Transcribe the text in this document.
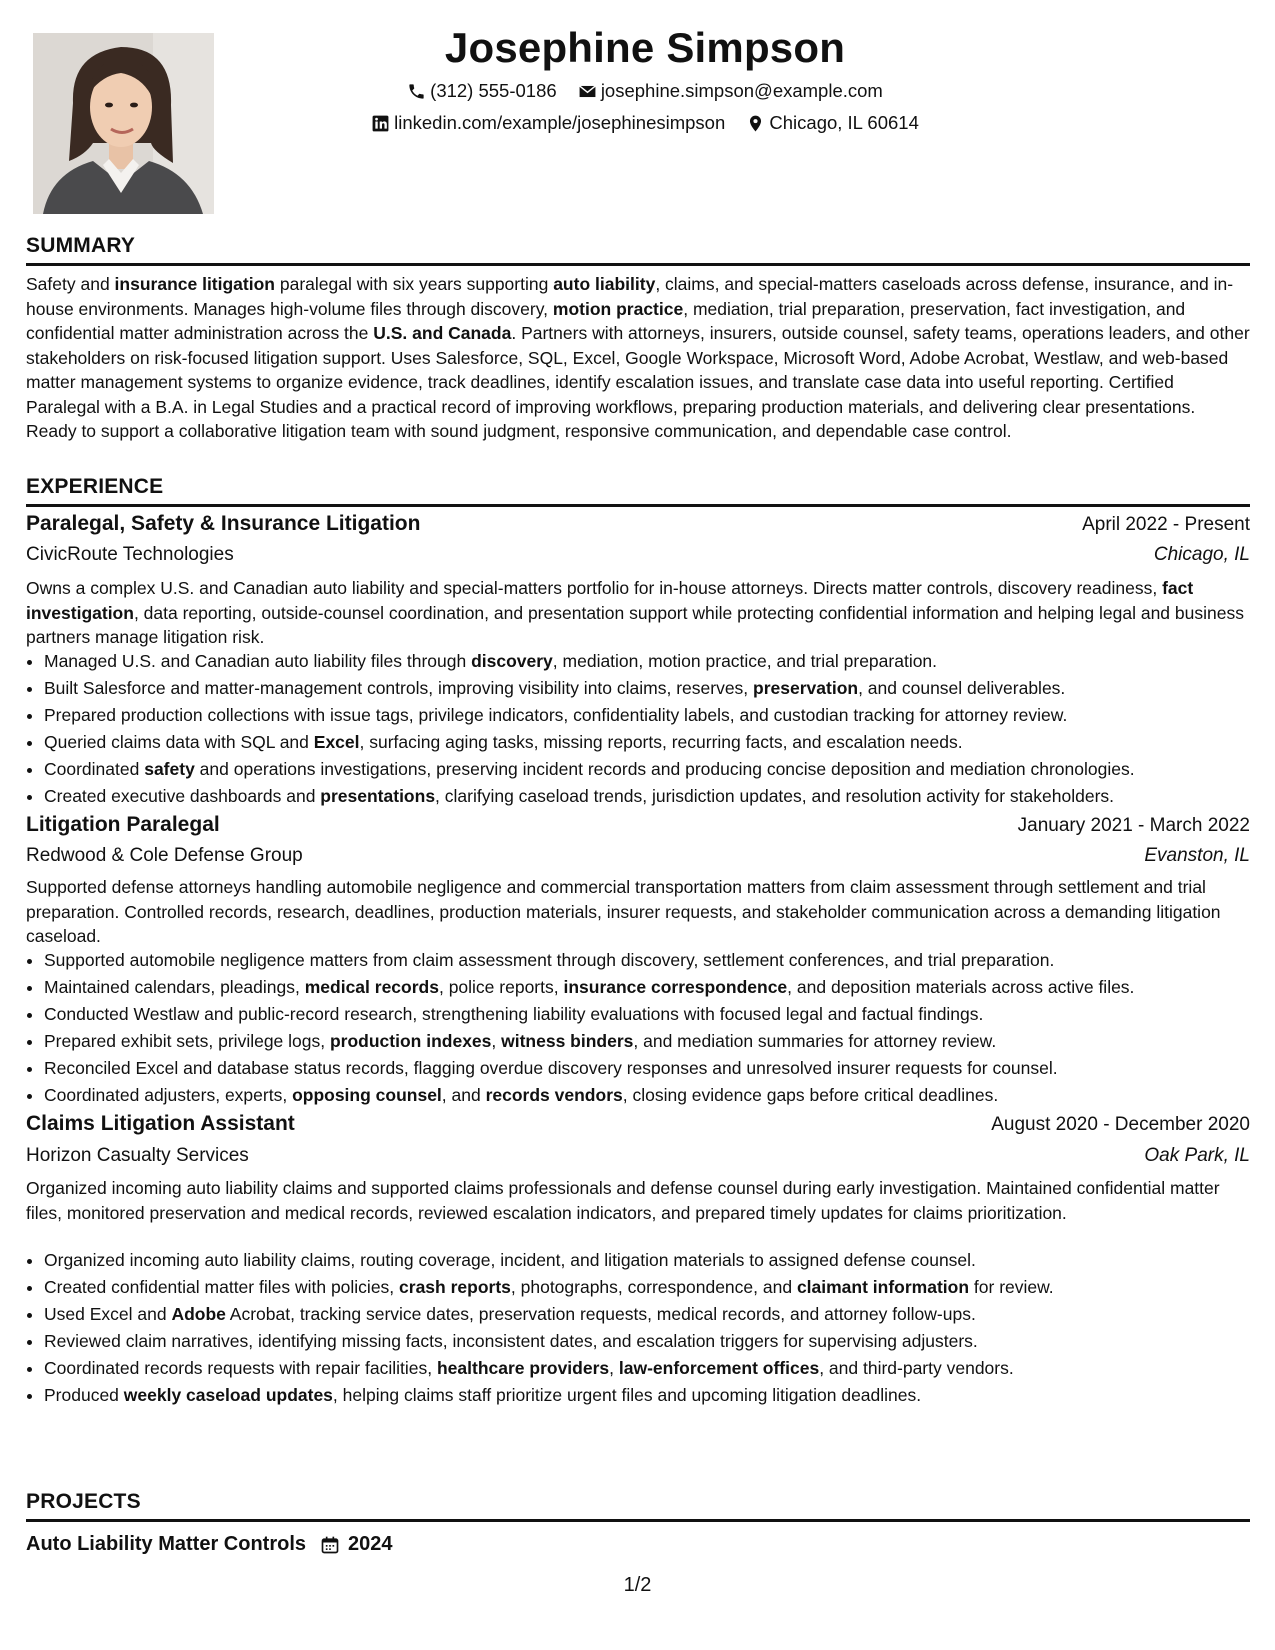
Josephine Simpson
(312) 555-0186
josephine.simpson@example.com
linkedin.com/example/josephinesimpson
Chicago, IL 60614
SUMMARY
Safety and insurance litigation paralegal with six years supporting auto liability, claims, and special-matters caseloads across defense, insurance, and in-house environments. Manages high-volume files through discovery, motion practice, mediation, trial preparation, preservation, fact investigation, and confidential matter administration across the U.S. and Canada. Partners with attorneys, insurers, outside counsel, safety teams, operations leaders, and other stakeholders on risk-focused litigation support. Uses Salesforce, SQL, Excel, Google Workspace, Microsoft Word, Adobe Acrobat, Westlaw, and web-based matter management systems to organize evidence, track deadlines, identify escalation issues, and translate case data into useful reporting. Certified Paralegal with a B.A. in Legal Studies and a practical record of improving workflows, preparing production materials, and delivering clear presentations. Ready to support a collaborative litigation team with sound judgment, responsive communication, and dependable case control.
EXPERIENCE
Paralegal, Safety & Insurance Litigation	April 2022 - Present
CivicRoute Technologies	Chicago, IL
Owns a complex U.S. and Canadian auto liability and special-matters portfolio for in-house attorneys. Directs matter controls, discovery readiness, fact investigation, data reporting, outside-counsel coordination, and presentation support while protecting confidential information and helping legal and business partners manage litigation risk.
• Managed U.S. and Canadian auto liability files through discovery, mediation, motion practice, and trial preparation.
• Built Salesforce and matter-management controls, improving visibility into claims, reserves, preservation, and counsel deliverables.
• Prepared production collections with issue tags, privilege indicators, confidentiality labels, and custodian tracking for attorney review.
• Queried claims data with SQL and Excel, surfacing aging tasks, missing reports, recurring facts, and escalation needs.
• Coordinated safety and operations investigations, preserving incident records and producing concise deposition and mediation chronologies.
• Created executive dashboards and presentations, clarifying caseload trends, jurisdiction updates, and resolution activity for stakeholders.
Litigation Paralegal	January 2021 - March 2022
Redwood & Cole Defense Group	Evanston, IL
Supported defense attorneys handling automobile negligence and commercial transportation matters from claim assessment through settlement and trial preparation. Controlled records, research, deadlines, production materials, insurer requests, and stakeholder communication across a demanding litigation caseload.
• Supported automobile negligence matters from claim assessment through discovery, settlement conferences, and trial preparation.
• Maintained calendars, pleadings, medical records, police reports, insurance correspondence, and deposition materials across active files.
• Conducted Westlaw and public-record research, strengthening liability evaluations with focused legal and factual findings.
• Prepared exhibit sets, privilege logs, production indexes, witness binders, and mediation summaries for attorney review.
• Reconciled Excel and database status records, flagging overdue discovery responses and unresolved insurer requests for counsel.
• Coordinated adjusters, experts, opposing counsel, and records vendors, closing evidence gaps before critical deadlines.
Claims Litigation Assistant	August 2020 - December 2020
Horizon Casualty Services	Oak Park, IL
Organized incoming auto liability claims and supported claims professionals and defense counsel during early investigation. Maintained confidential matter files, monitored preservation and medical records, reviewed escalation indicators, and prepared timely updates for claims prioritization.
• Organized incoming auto liability claims, routing coverage, incident, and litigation materials to assigned defense counsel.
• Created confidential matter files with policies, crash reports, photographs, correspondence, and claimant information for review.
• Used Excel and Adobe Acrobat, tracking service dates, preservation requests, medical records, and attorney follow-ups.
• Reviewed claim narratives, identifying missing facts, inconsistent dates, and escalation triggers for supervising adjusters.
• Coordinated records requests with repair facilities, healthcare providers, law-enforcement offices, and third-party vendors.
• Produced weekly caseload updates, helping claims staff prioritize urgent files and upcoming litigation deadlines.
PROJECTS
Auto Liability Matter Controls 2024
1/2
